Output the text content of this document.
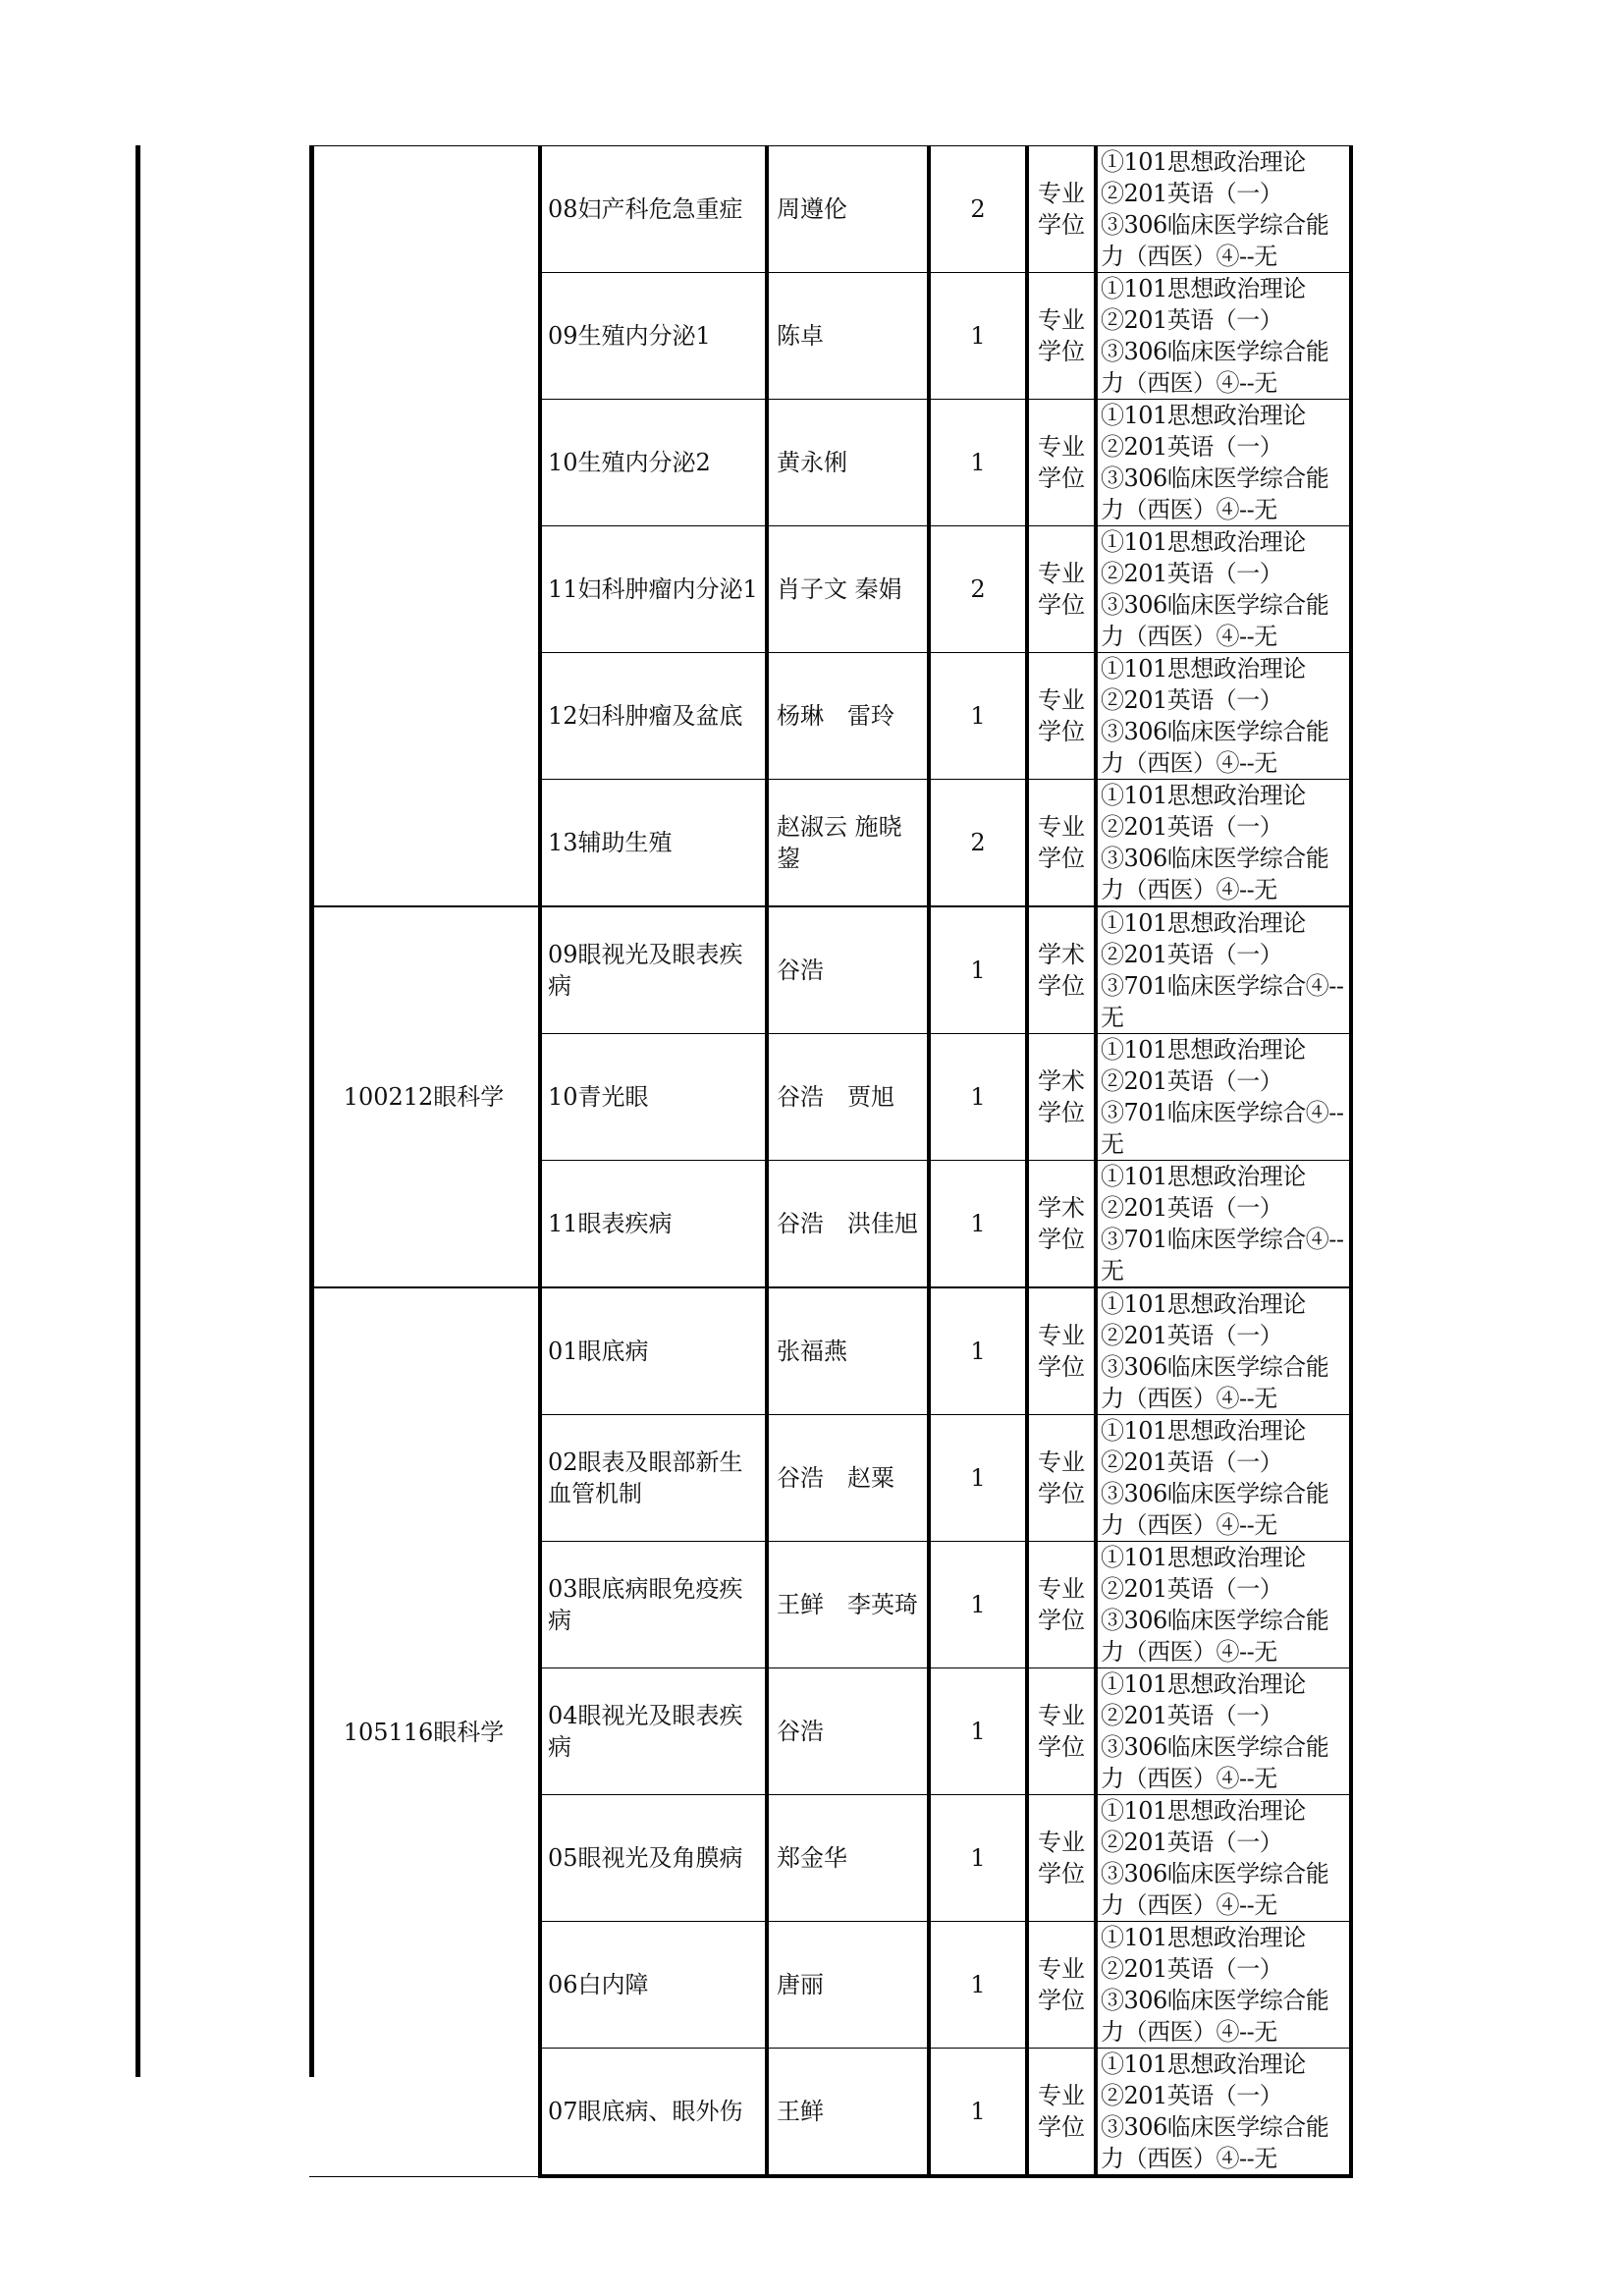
	08妇产科危急重症	周遵伦	2	专业学位	①101思想政治理论②201英语（一）③306临床医学综合能力（西医）④--无

	09生殖内分泌1	陈卓	1	专业学位	①101思想政治理论②201英语（一）③306临床医学综合能力（西医）④--无

	10生殖内分泌2	黄永俐	1	专业学位	①101思想政治理论②201英语（一）③306临床医学综合能力（西医）④--无

	11妇科肿瘤内分泌1	肖子文 秦娟	2	专业学位	①101思想政治理论②201英语（一）③306临床医学综合能力（西医）④--无

	12妇科肿瘤及盆底	杨琳　雷玲	1	专业学位	①101思想政治理论②201英语（一）③306临床医学综合能力（西医）④--无

	13辅助生殖	赵淑云 施晓鋆	2	专业学位	①101思想政治理论②201英语（一）③306临床医学综合能力（西医）④--无

100212眼科学	09眼视光及眼表疾病	谷浩	1	学术学位	①101思想政治理论②201英语（一）③701临床医学综合④--无

	10青光眼	谷浩　贾旭	1	学术学位	①101思想政治理论②201英语（一）③701临床医学综合④--无

	11眼表疾病	谷浩　洪佳旭	1	学术学位	①101思想政治理论②201英语（一）③701临床医学综合④--无

105116眼科学	01眼底病	张福燕	1	专业学位	①101思想政治理论②201英语（一）③306临床医学综合能力（西医）④--无

	02眼表及眼部新生血管机制	谷浩　赵粟	1	专业学位	①101思想政治理论②201英语（一）③306临床医学综合能力（西医）④--无

	03眼底病眼免疫疾病	王鲜　李英琦	1	专业学位	①101思想政治理论②201英语（一）③306临床医学综合能力（西医）④--无

	04眼视光及眼表疾病	谷浩	1	专业学位	①101思想政治理论②201英语（一）③306临床医学综合能力（西医）④--无

	05眼视光及角膜病	郑金华	1	专业学位	①101思想政治理论②201英语（一）③306临床医学综合能力（西医）④--无

	06白内障	唐丽	1	专业学位	①101思想政治理论②201英语（一）③306临床医学综合能力（西医）④--无

	07眼底病、眼外伤	王鲜	1	专业学位	①101思想政治理论②201英语（一）③306临床医学综合能力（西医）④--无
